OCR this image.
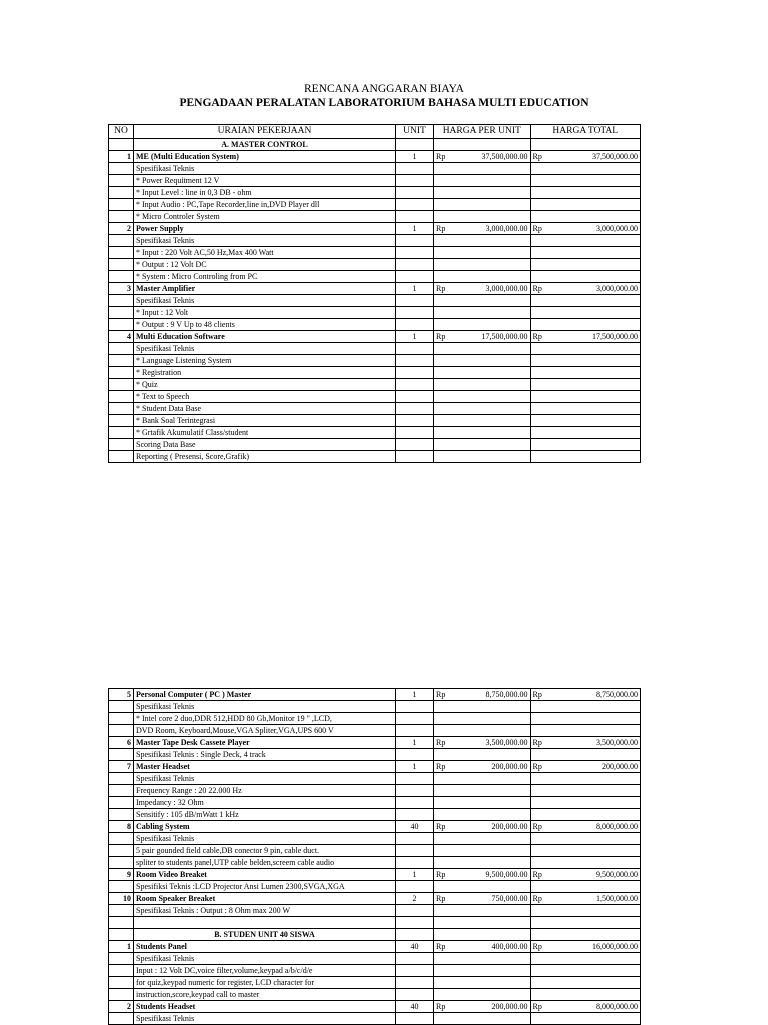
RENCANA ANGGARAN BIAYA
PENGADAAN PERALATAN LABORATORIUM BAHASA MULTI EDUCATION
NO	URAIAN PEKERJAAN	UNIT	HARGA PER UNIT		HARGA TOTAL	
	A. MASTER CONTROL					
1	ME (Multi Education System)	1	Rp	37,500,000.00	Rp	37,500,000.00
	Spesifikasi Teknis					
	* Power Requitment 12 V					
	* Input Level : line in 0,3 DB - ohm					
	* Input Audio : PC,Tape Recorder,line in,DVD Player dll					
	* Micro Controler System					
2	Power Supply	1	Rp	3,000,000.00	Rp	3,000,000.00
	Spesifikasi Teknis					
	* Input : 220 Volt AC,50 Hz,Max 400 Watt					
	* Output : 12 Volt DC					
	* System : Micro Controling from PC					
3	Master Amplifier	1	Rp	3,000,000.00	Rp	3,000,000.00
	Spesifikasi Teknis					
	* Input : 12 Volt					
	* Output : 9 V Up to 48 clients					
4	Multi Education Software	1	Rp	17,500,000.00	Rp	17,500,000.00
	Spesifikasi Teknis					
	* Language Listening System					
	* Registration					
	* Quiz					
	* Text to Speech					
	* Student Data Base					
	* Bank Soal Terintegrasi					
	* Grtafik Akumulatif Class/student					
	Scoring Data Base					
	Reporting ( Presensi, Score,Grafik)					
5	Personal Computer ( PC ) Master	1	Rp	8,750,000.00	Rp	8,750,000.00
	Spesifikasi Teknis					
	* Intel core 2 duo,DDR 512,HDD 80 Gb,Monitor 19 " ,LCD,					
	DVD Room, Keyboard,Mouse,VGA Spliter,VGA,UPS 600 V					
6	Master Tape Desk Cassete Player	1	Rp	3,500,000.00	Rp	3,500,000.00
	Spesifikasi Teknis : Single Deck, 4 track					
7	Master Headset	1	Rp	200,000.00	Rp	200,000.00
	Spesifikasi Teknis					
	Frequency Range : 20 22.000 Hz					
	Impedancy : 32 Ohm					
	Sensitify : 105 dB/mWatt 1 kHz					
8	Cabling System	40	Rp	200,000.00	Rp	8,000,000.00
	Spesifikasi Teknis					
	5 pair gounded field cable,DB conector 9 pin, cable duct.					
	spliter to students panel,UTP cable belden,screem cable audio					
9	Room Video Breaket	1	Rp	9,500,000.00	Rp	9,500,000.00
	Spesifiksi Teknis :LCD Projector Ansi Lumen 2300,SVGA,XGA					
10	Room Speaker Breaket	2	Rp	750,000.00	Rp	1,500,000.00
	Spesifikasi Teknis : Output : 8 Ohm max 200 W					

	B. STUDEN UNIT 40 SISWA					
1	Students Panel	40	Rp	400,000.00	Rp	16,000,000.00
	Spesifikasi Teknis					
	Input : 12 Volt DC,voice filter,volume,keypad a/b/c/d/e					
	for quiz,keypad numeric for register, LCD character for					
	instruction,score,keypad call to master					
2	Students Headset	40	Rp	200,000.00	Rp	8,000,000.00
	Spesifikasi Teknis					
